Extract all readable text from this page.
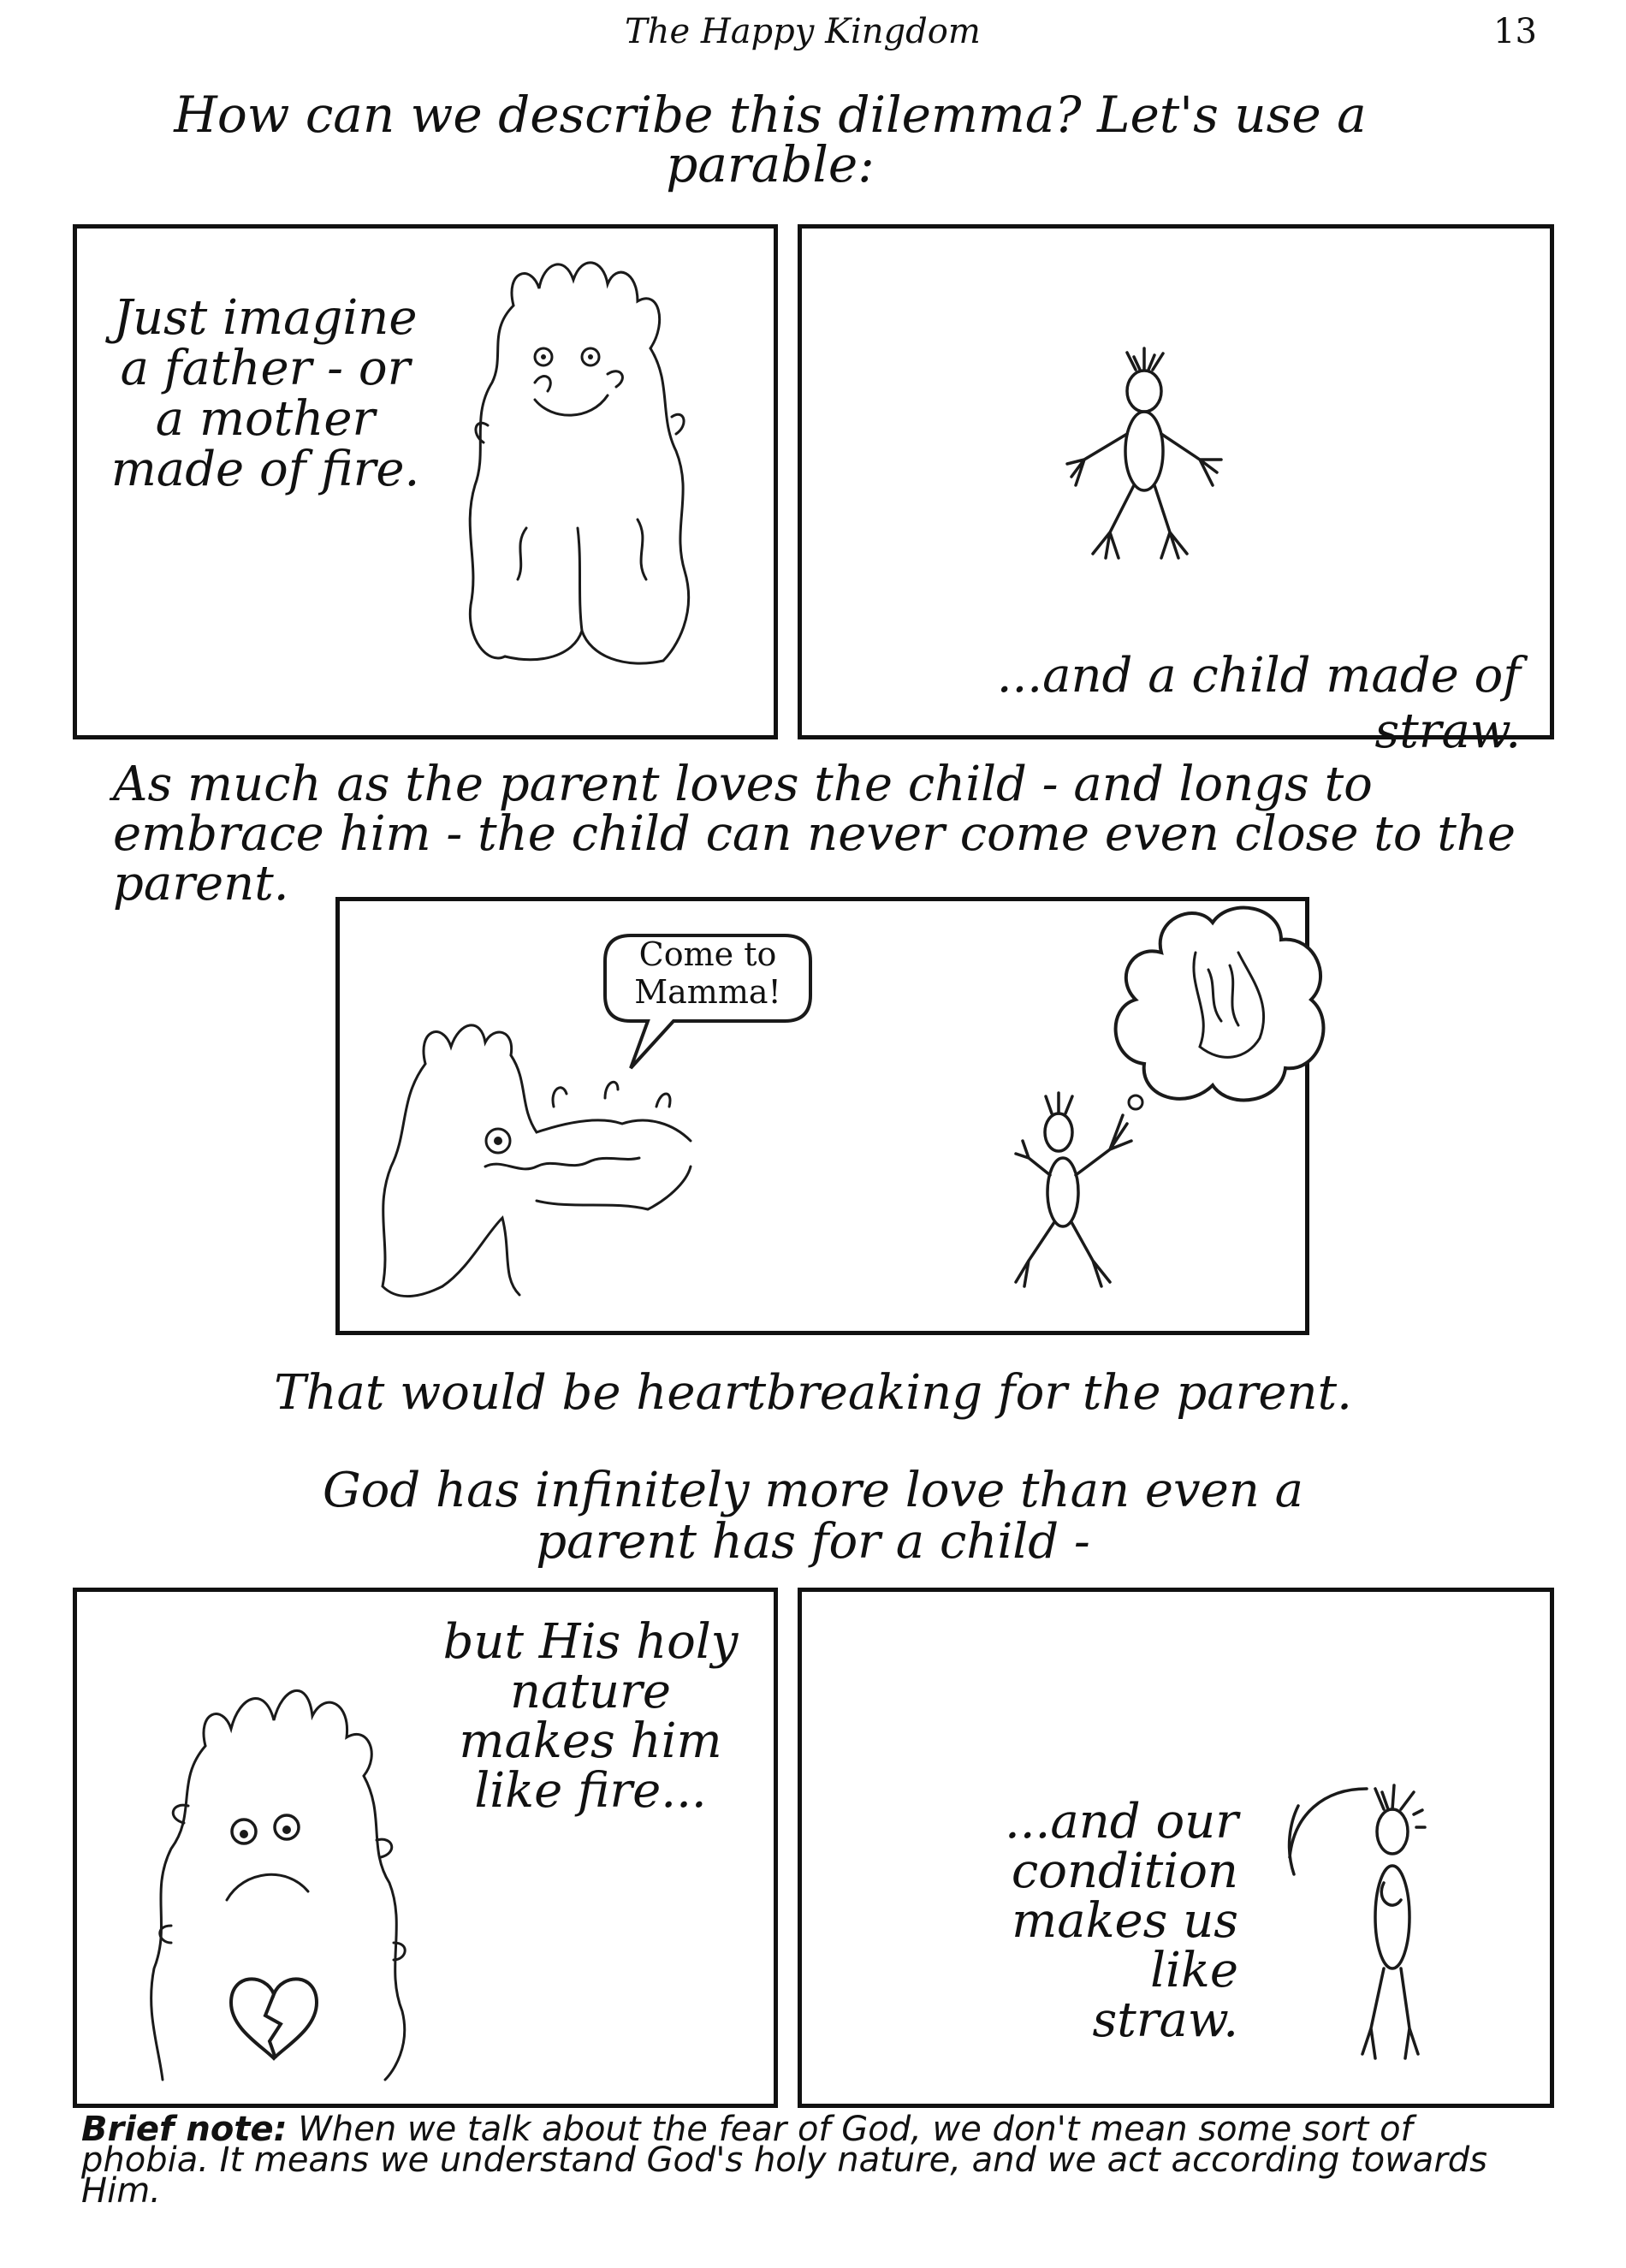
The Happy Kingdom	13
How can we describe this dilemma? Let's use a
parable:
Just imagine
a father - or
a mother
made of fire.
...and a child made of straw.
As much as the parent loves the child - and longs to
embrace him - the child can never come even close to the
parent.
Come to
Mamma!
That would be heartbreaking for the parent.
God has infinitely more love than even a
parent has for a child -
but His holy
nature
makes him
like fire...
...and our
condition
makes us
like
straw.
Brief note: When we talk about the fear of God, we don't mean some sort of
phobia. It means we understand God's holy nature, and we act according towards
Him.
